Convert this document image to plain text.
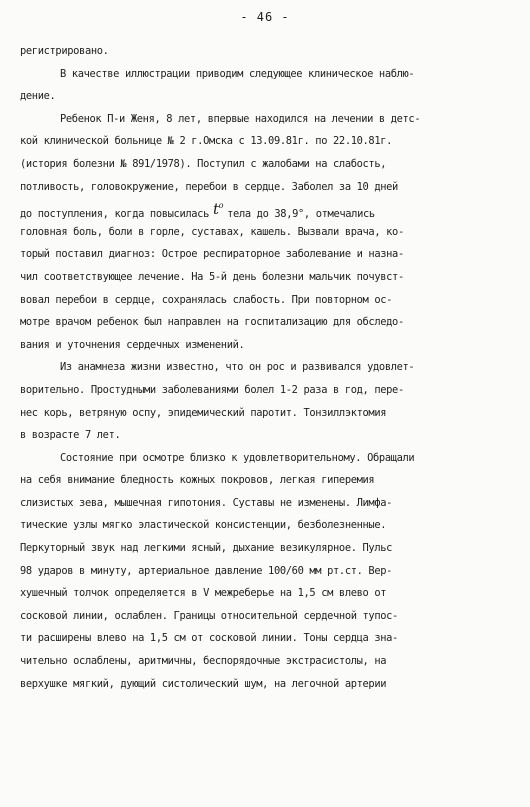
- 46 -
регистрировано.
В качестве иллюстрации приводим следующее клиническое наблю-
дение.
Ребенок П-и Женя, 8 лет, впервые находился на лечении в детс-
кой клинической больнице № 2 г.Омска с 13.09.81г. по 22.10.81г.
(история болезни № 891/1978). Поступил с жалобами на слабость,
потливость, головокружение, перебои в сердце. Заболел за 10 дней
до поступления, когда повысилась $t^oтела$ до 38,9°, отмечались
головная боль, боли в горле, суставах, кашель. Вызвали врача, ко-
торый поставил диагноз: Острое респираторное заболевание и назна-
чил соответствующее лечение. На 5-й день болезни мальчик почувст-
вовал перебои в сердце, сохранялась слабость. При повторном ос-
мотре врачом ребенок был направлен на госпитализацию для обследо-
вания и уточнения сердечных изменений.
Из анамнеза жизни известно, что он рос и развивался удовлет-
ворительно. Простудными заболеваниями болел 1-2 раза в год, пере-
нес корь, ветряную оспу, эпидемический паротит. Тонзиллэктомия
в возрасте 7 лет.
Состояние при осмотре близко к удовлетворительному. Обращали
на себя внимание бледность кожных покровов, легкая гиперемия
слизистых зева, мышечная гипотония. Суставы не изменены. Лимфа-
тические узлы мягко эластической консистенции, безболезненные.
Перкуторный звук над легкими ясный, дыхание везикулярное. Пульс
98 ударов в минуту, артериальное давление 100/60 мм рт.ст. Вер-
хушечный толчок определяется в V межреберье на 1,5 см влево от
сосковой линии, ослаблен. Границы относительной сердечной тупос-
ти расширены влево на 1,5 см от сосковой линии. Тоны сердца зна-
чительно ослаблены, аритмичны, беспорядочные экстрасистолы, на
верхушке мягкий, дующий систолический шум, на легочной артерии
